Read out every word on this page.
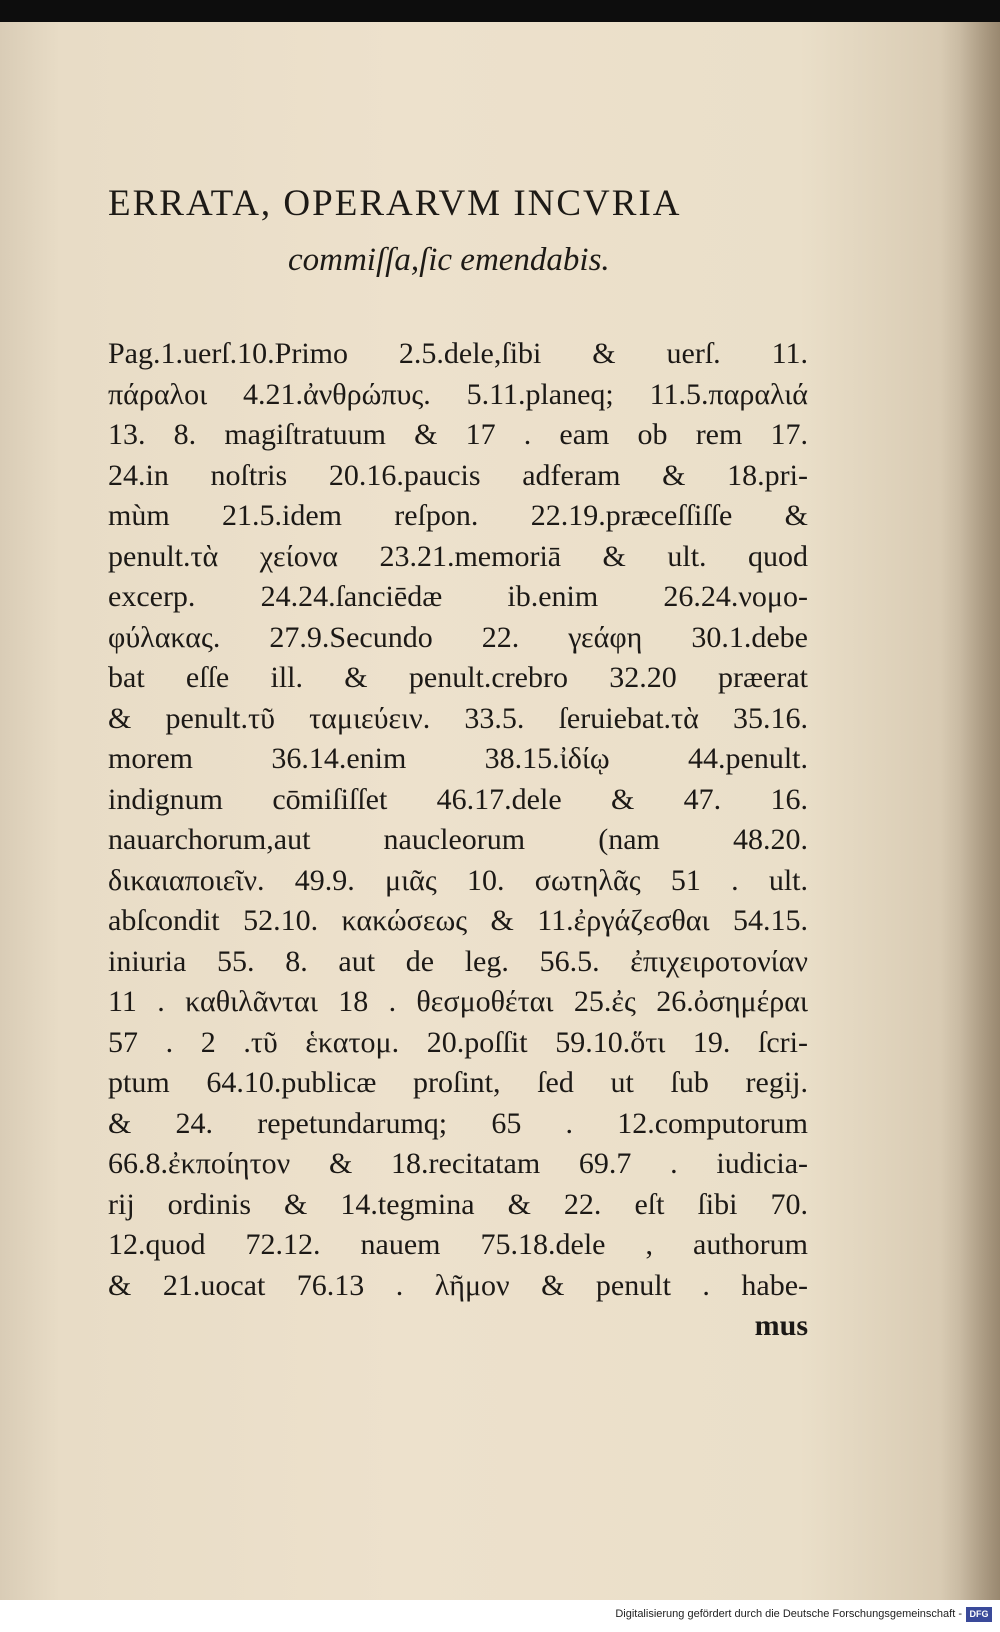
ERRATA, OPERARVM INCVRIA
commiſſa,ſic emendabis.
Pag.1.uerſ.10.Primo 2.5.dele,ſibi & uerſ. 11.
πάραλοι 4.21.ἀνθρώπυς. 5.11.planeq; 11.5.παραλιά
13. 8. magiſtratuum & 17 . eam ob rem 17.
24.in noſtris 20.16.paucis adferam & 18.pri-
mùm 21.5.idem reſpon. 22.19.præceſſiſſe &
penult.τὰ χείονα 23.21.memoriā & ult. quod
excerp. 24.24.ſanciēdæ ib.enim 26.24.νομο-
φύλακας. 27.9.Secundo 22. γεάφη 30.1.debe
bat eſſe ill. & penult.crebro 32.20 præerat
& penult.τῦ ταμιεύειν. 33.5. ſeruiebat.τὰ 35.16.
morem 36.14.enim 38.15.ἰδίῳ 44.penult.
indignum cōmiſiſſet 46.17.dele & 47. 16.
nauarchorum,aut naucleorum (nam 48.20.
δικαιαποιεῖν. 49.9. μιᾶς 10. σωτηλᾶς 51 . ult.
abſcondit 52.10. κακώσεως & 11.ἐργάζεσθαι 54.15.
iniuria 55. 8. aut de leg. 56.5. ἐπιχειροτονίαν
11 . καθιλᾶνται 18 . θεσμοθέται 25.ἐς 26.ὀσημέραι
57 . 2 .τῦ ἑκατομ. 20.poſſit 59.10.ὅτι 19. ſcri-
ptum 64.10.publicæ proſint, ſed ut ſub regij.
& 24. repetundarumq; 65 . 12.computorum
66.8.ἐκποίητον & 18.recitatam 69.7 . iudicia-
rij ordinis & 14.tegmina & 22. eſt ſibi 70.
12.quod 72.12. nauem 75.18.dele , authorum
& 21.uocat 76.13 . λῆμον & penult . habe-
mus
Digitalisierung gefördert durch die Deutsche Forschungsgemeinschaft - DFG
